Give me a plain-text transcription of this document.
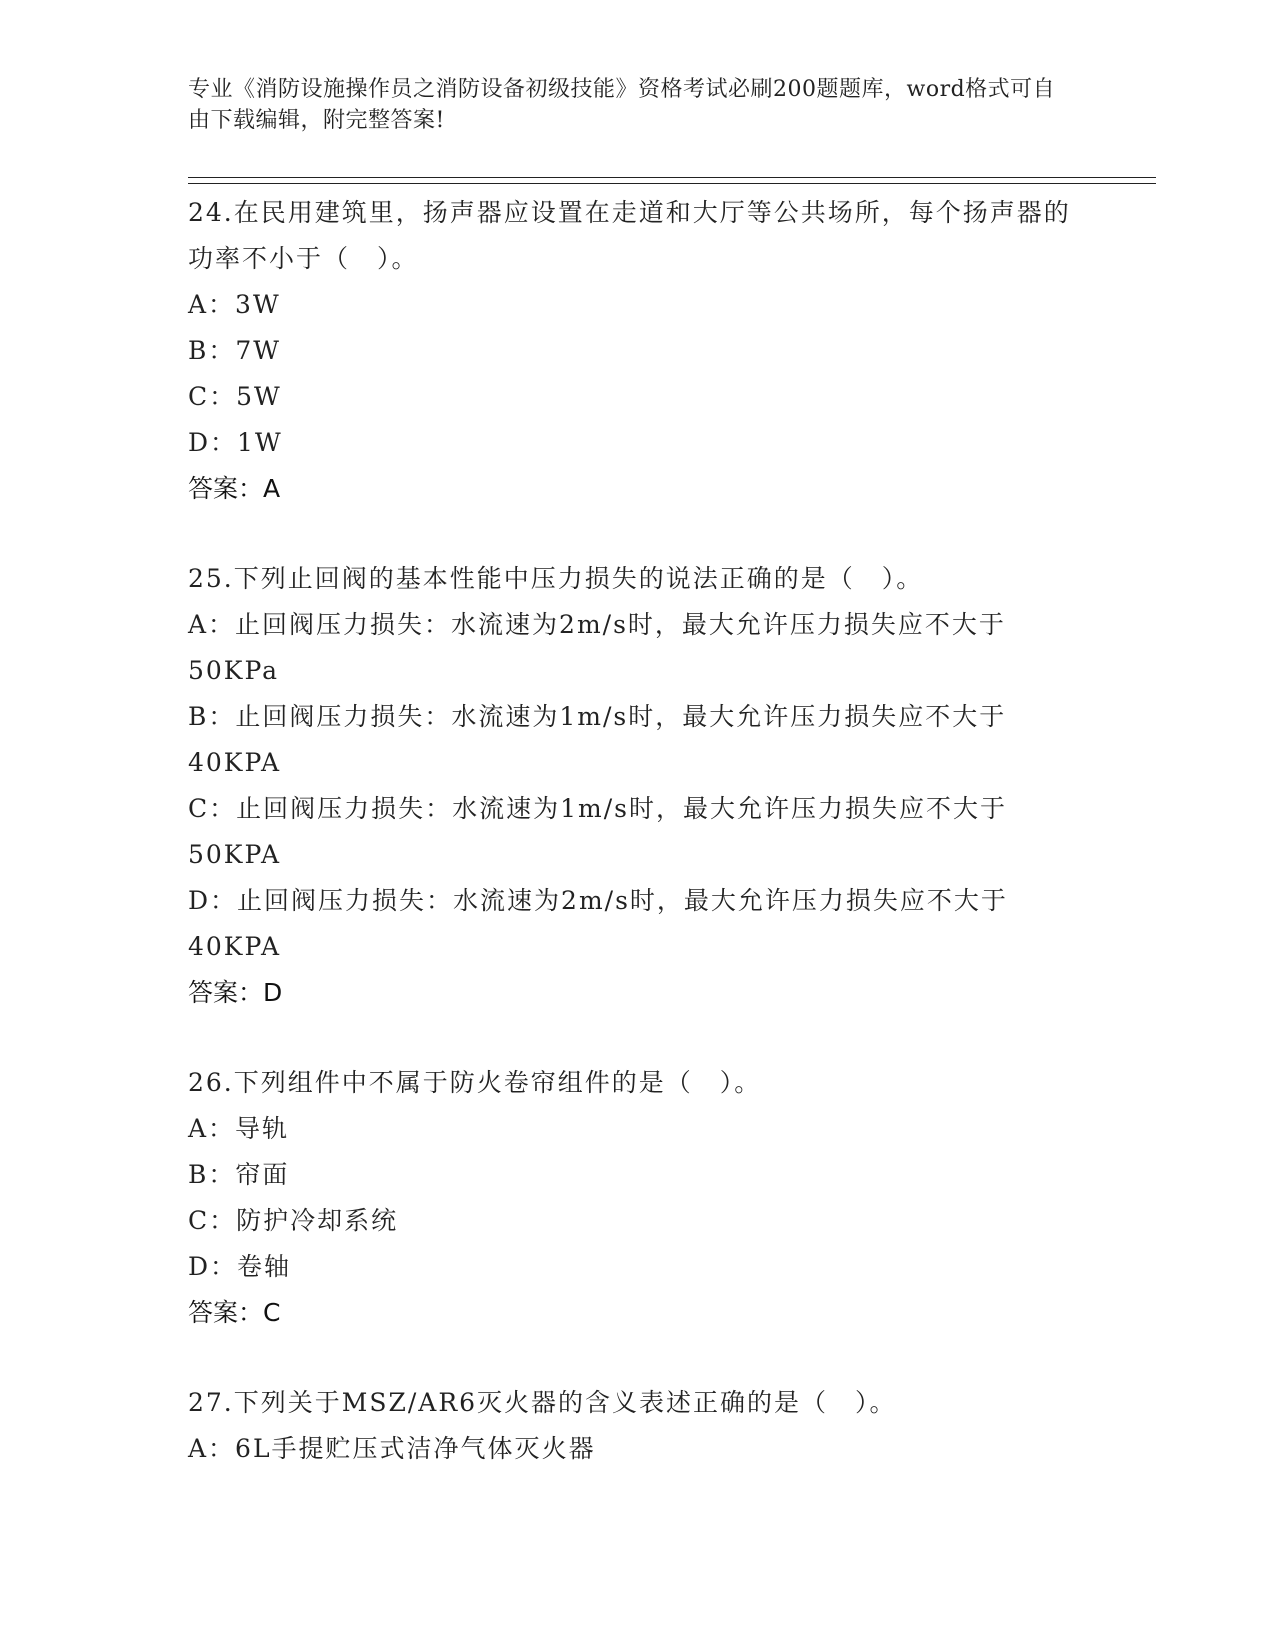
专业《消防设施操作员之消防设备初级技能》资格考试必刷200题题库，word格式可自由下载编辑，附完整答案!

24.在民用建筑里，扬声器应设置在走道和大厅等公共场所，每个扬声器的功率不小于（　）。

A：3W

B：7W

C：5W

D：1W

答案：A

25.下列止回阀的基本性能中压力损失的说法正确的是（　）。

A：止回阀压力损失：水流速为2m/s时，最大允许压力损失应不大于50KPa

B：止回阀压力损失：水流速为1m/s时，最大允许压力损失应不大于40KPA

C：止回阀压力损失：水流速为1m/s时，最大允许压力损失应不大于50KPA

D：止回阀压力损失：水流速为2m/s时，最大允许压力损失应不大于40KPA

答案：D

26.下列组件中不属于防火卷帘组件的是（　）。

A：导轨

B：帘面

C：防护冷却系统

D：卷轴

答案：C

27.下列关于MSZ/AR6灭火器的含义表述正确的是（　）。

A：6L手提贮压式洁净气体灭火器
